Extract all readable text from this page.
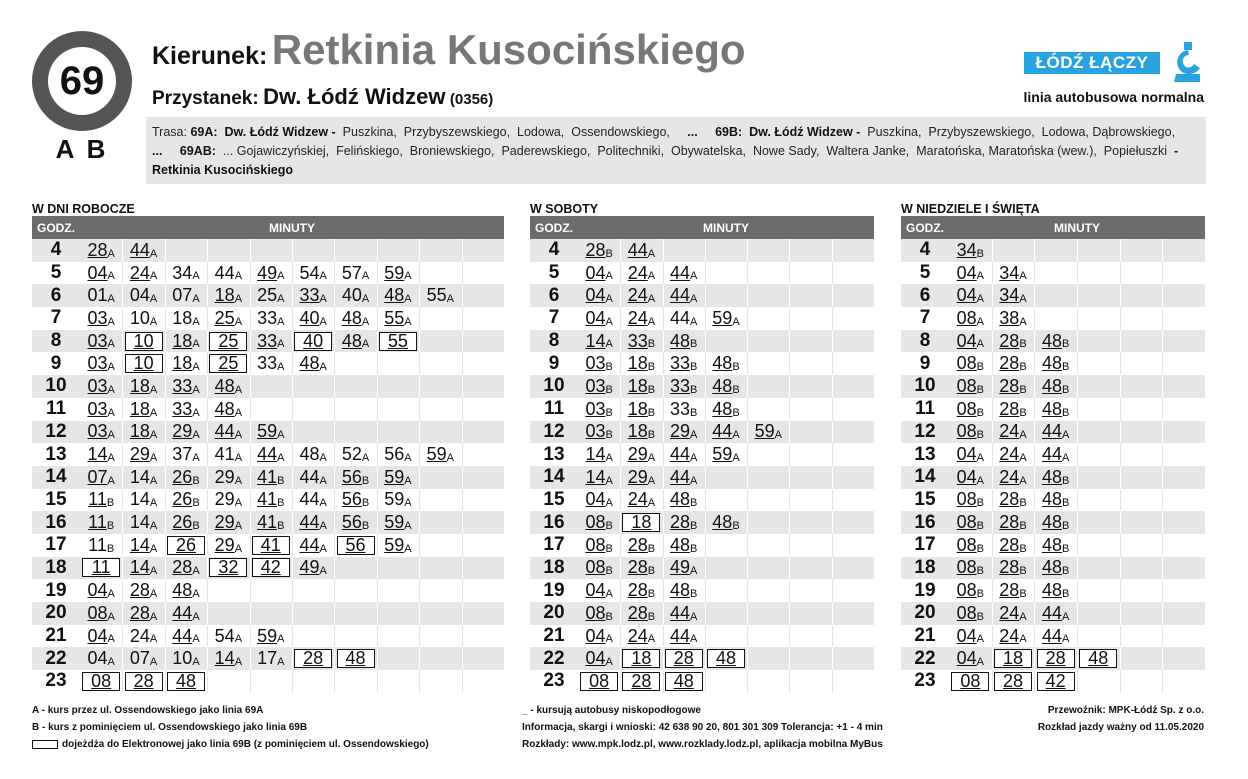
69
A B
Kierunek: Retkinia Kusocińskiego
Przystanek: Dw. Łódź Widzew (0356)
ŁÓDŹ ŁĄCZY
linia autobusowa normalna
Trasa: 69A: Dw. Łódź Widzew -  Puszkina,  Przybyszewskiego,  Lodowa,  Ossendowskiego,     ... 69B: Dw. Łódź Widzew -  Puszkina,  Przybyszewskiego,  Lodowa, Dąbrowskiego,     ... 69AB:  ... Gojawiczyńskiej,  Felińskiego,  Broniewskiego,  Paderewskiego,  Politechniki,  Obywatelska,  Nowe Sady,  Waltera Janke,  Maratońska, Maratońska (wew.),  Popiełuszki  - Retkinia Kusocińskiego
W DNI ROBOCZE
GODZ.	MINUTY
4	28 A 44 A
5	04 A 24 A 34 A 44 A 49 A 54 A 57 A 59 A
6	01 A 04 A 07 A 18 A 25 A 33 A 40 A 48 A 55 A
7	03 A 10 A 18 A 25 A 33 A 40 A 48 A 55 A
8	03 A 10 18 A 25 33 A 40 48 A 55
9	03 A 10 18 A 25 33 A 48 A
10	03 A 18 A 33 A 48 A
11	03 A 18 A 33 A 48 A
12	03 A 18 A 29 A 44 A 59 A
13	14 A 29 A 37 A 41 A 44 A 48 A 52 A 56 A 59 A
14	07 A 14 A 26 B 29 A 41 B 44 A 56 B 59 A
15	11 B 14 A 26 B 29 A 41 B 44 A 56 B 59 A
16	11 B 14 A 26 B 29 A 41 B 44 A 56 B 59 A
17	11 B 14 A 26 29 A 41 44 A 56 59 A
18	11 14 A 28 A 32 42 49 A
19	04 A 28 A 48 A
20	08 A 28 A 44 A
21	04 A 24 A 44 A 54 A 59 A
22	04 A 07 A 10 A 14 A 17 A 28 48
23	08 28 48
W SOBOTY
GODZ.	MINUTY
4	28 B 44 A
5	04 A 24 A 44 A
6	04 A 24 A 44 A
7	04 A 24 A 44 A 59 A
8	14 A 33 B 48 B
9	03 B 18 B 33 B 48 B
10	03 B 18 B 33 B 48 B
11	03 B 18 B 33 B 48 B
12	03 B 18 B 29 A 44 A 59 A
13	14 A 29 A 44 A 59 A
14	14 A 29 A 44 A
15	04 A 24 A 48 B
16	08 B 18 28 B 48 B
17	08 B 28 B 48 B
18	08 B 28 B 49 A
19	04 A 28 B 48 B
20	08 B 28 B 44 A
21	04 A 24 A 44 A
22	04 A 18 28 48
23	08 28 48
W NIEDZIELE I ŚWIĘTA
GODZ.	MINUTY
4	34 B
5	04 A 34 A
6	04 A 34 A
7	08 A 38 A
8	04 A 28 B 48 B
9	08 B 28 B 48 B
10	08 B 28 B 48 B
11	08 B 28 B 48 B
12	08 B 24 A 44 A
13	04 A 24 A 44 A
14	04 A 24 A 48 B
15	08 B 28 B 48 B
16	08 B 28 B 48 B
17	08 B 28 B 48 B
18	08 B 28 B 48 B
19	08 B 28 B 48 B
20	08 B 24 A 44 A
21	04 A 24 A 44 A
22	04 A 18 28 48
23	08 28 42
A - kurs przez ul. Ossendowskiego jako linia 69A
B - kurs z pominięciem ul. Ossendowskiego jako linia 69B
dojeżdża do Elektronowej jako linia 69B (z pominięciem ul. Ossendowskiego)
_ - kursują autobusy niskopodłogowe
Informacja, skargi i wnioski: 42 638 90 20, 801 301 309 Tolerancja: +1 - 4 min
Rozkłady: www.mpk.lodz.pl, www.rozklady.lodz.pl, aplikacja mobilna MyBus
Przewoźnik: MPK-Łódź Sp. z o.o.
Rozkład jazdy ważny od 11.05.2020
